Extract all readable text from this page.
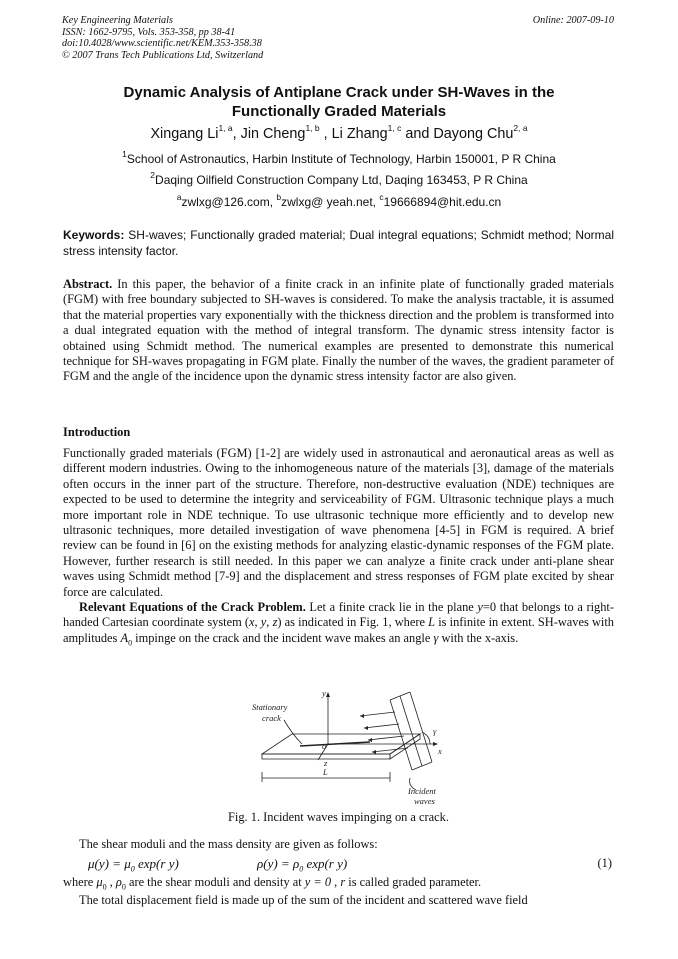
Key Engineering Materials
ISSN: 1662-9795, Vols. 353-358, pp 38-41
doi:10.4028/www.scientific.net/KEM.353-358.38
© 2007 Trans Tech Publications Ltd, Switzerland
Online: 2007-09-10
Dynamic Analysis of Antiplane Crack under SH-Waves in the
Functionally Graded Materials
Xingang Li$^{1, a}$, Jin Cheng$^{1, b}$ , Li Zhang$^{1, c}$ and Dayong Chu$^{2, a}$
$^1$School of Astronautics, Harbin Institute of Technology, Harbin 150001, P R China
$^2$Daqing Oilfield Construction Company Ltd, Daqing 163453, P R China
$^a$zwlxg@126.com, $^b$zwlxg@ yeah.net, $^c$19666894@hit.edu.cn
Keywords: SH-waves; Functionally graded material; Dual integral equations; Schmidt method; Normal stress intensity factor.
Abstract. In this paper, the behavior of a finite crack in an infinite plate of functionally graded materials (FGM) with free boundary subjected to SH-waves is considered. To make the analysis tractable, it is assumed that the material properties vary exponentially with the thickness direction and the problem is transformed into a dual integrated equation with the method of integral transform. The dynamic stress intensity factor is obtained using Schmidt method. The numerical examples are presented to demonstrate this numerical technique for SH-waves propagating in FGM plate. Finally the number of the waves, the gradient parameter of FGM and the angle of the incidence upon the dynamic stress intensity factor are also given.
Introduction

Functionally graded materials (FGM) [1-2] are widely used in astronautical and aeronautical areas as well as different modern industries. Owing to the inhomogeneous nature of the materials [3], damage of the materials often occurs in the inner part of the structure. Therefore, non-destructive evaluation (NDE) techniques are expected to be used to determine the integrity and serviceability of FGM. Ultrasonic technique plays a much more important role in NDE technique. To use ultrasonic technique more efficiently and to develop new ultrasonic techniques, more detailed investigation of wave phenomena [4-5] in FGM is required. A brief review can be found in [6] on the existing methods for analyzing elastic-dynamic responses of the FGM plate. However, further research is still needed. In this paper we can analyze a finite crack under anti-plane shear waves using Schmidt method [7-9] and the displacement and stress responses of FGM plate excited by shear force are calculated.

Relevant Equations of the Crack Problem. Let a finite crack lie in the plane y=0 that belongs to a right-handed Cartesian coordinate system (x, y, z) as indicated in Fig. 1, where L is infinite in extent. SH-waves with amplitudes $A_0$ impinge on the crack and the incident wave makes an angle γ with the x-axis.

Stationary
crack
y
o
z
x
γ
L
Incident
waves
Fig. 1. Incident waves impinging on a crack.
The shear moduli and the mass density are given as follows:
$\mu(y) = \mu_0$ exp(r y)	$\rho(y) = \rho_0$ exp(r y)	(1)
where $\mu_0$ , $\rho_0$ are the shear moduli and density at y = 0 , r is called graded parameter.
The total displacement field is made up of the sum of the incident and scattered wave field
